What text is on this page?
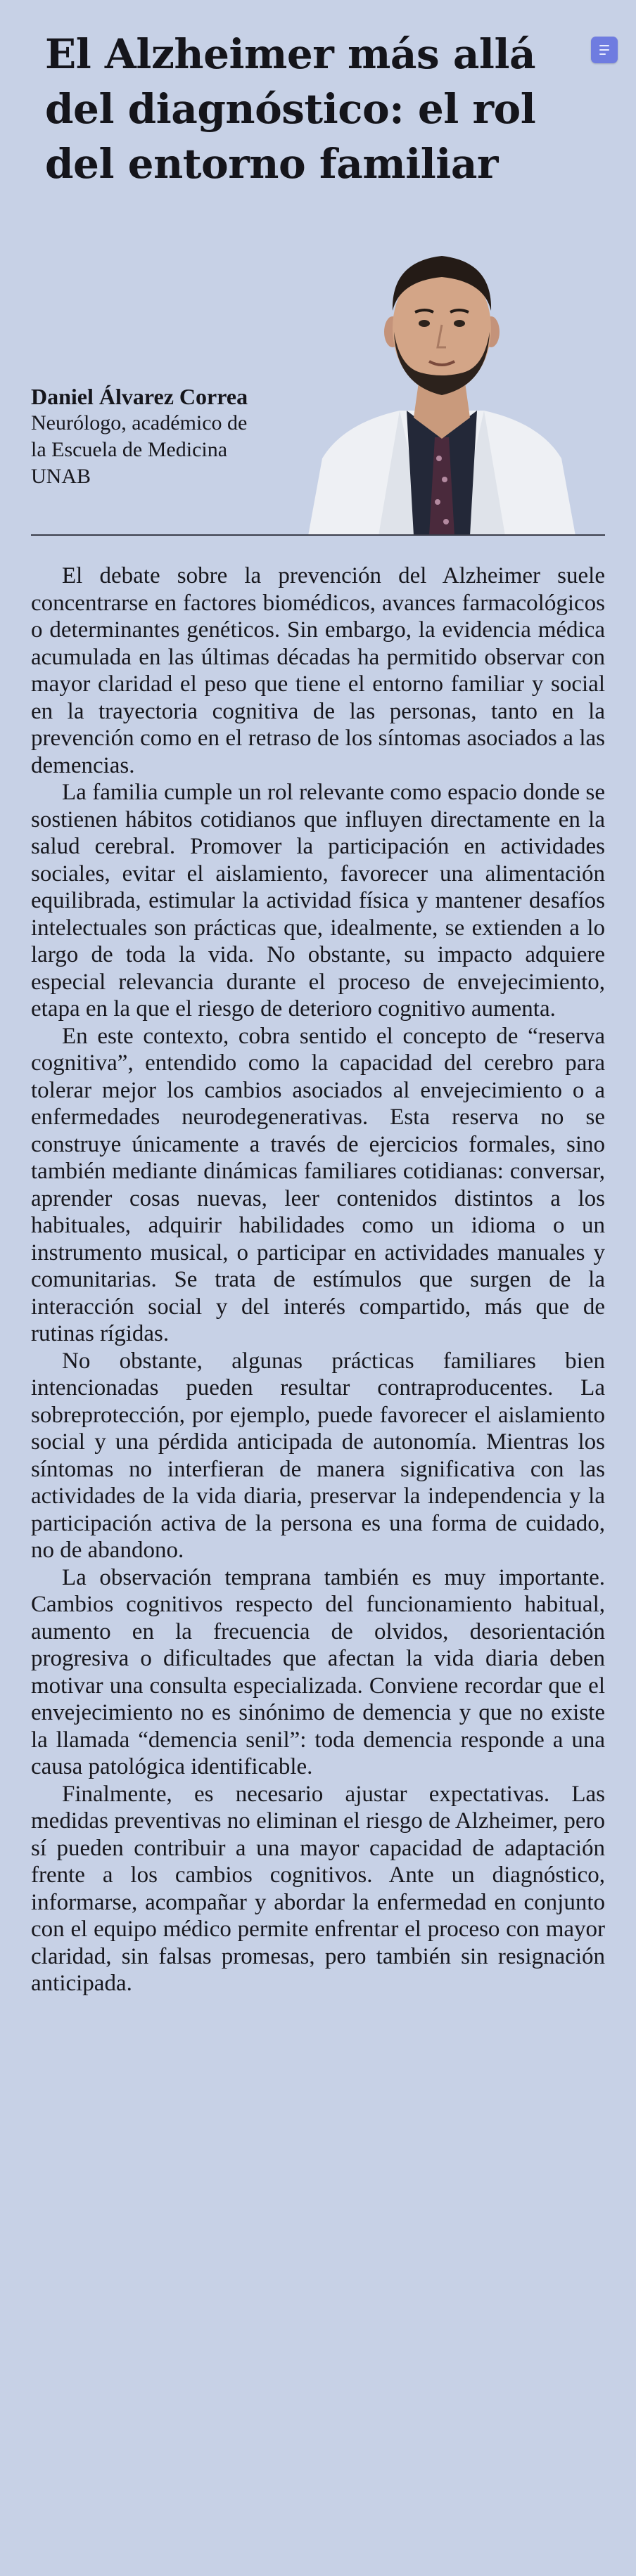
El Alzheimer más allá del diagnóstico: el rol del entorno familiar
Daniel Álvarez Correa
Neurólogo, académico de
la Escuela de Medicina
UNAB

El debate sobre la prevención del Alzheimer suele concentrarse en factores biomédicos, avances farmacológicos o determinantes genéticos. Sin embargo, la evidencia médica acumulada en las últimas décadas ha permitido observar con mayor claridad el peso que tiene el entorno familiar y social en la trayectoria cognitiva de las personas, tanto en la prevención como en el retraso de los síntomas asociados a las demencias.

La familia cumple un rol relevante como espacio donde se sostienen hábitos cotidianos que influyen directamente en la salud cerebral. Promover la participación en actividades sociales, evitar el aislamiento, favorecer una alimentación equilibrada, estimular la actividad física y mantener desafíos intelectuales son prácticas que, idealmente, se extienden a lo largo de toda la vida. No obstante, su impacto adquiere especial relevancia durante el proceso de envejecimiento, etapa en la que el riesgo de deterioro cognitivo aumenta.

En este contexto, cobra sentido el concepto de “reserva cognitiva”, entendido como la capacidad del cerebro para tolerar mejor los cambios asociados al envejecimiento o a enfermedades neurodegenerativas. Esta reserva no se construye únicamente a través de ejercicios formales, sino también mediante dinámicas familiares cotidianas: conversar, aprender cosas nuevas, leer contenidos distintos a los habituales, adquirir habilidades como un idioma o un instrumento musical, o participar en actividades manuales y comunitarias. Se trata de estímulos que surgen de la interacción social y del interés compartido, más que de rutinas rígidas.

No obstante, algunas prácticas familiares bien intencionadas pueden resultar contraproducentes. La sobreprotección, por ejemplo, puede favorecer el aislamiento social y una pérdida anticipada de autonomía. Mientras los síntomas no interfieran de manera significativa con las actividades de la vida diaria, preservar la independencia y la participación activa de la persona es una forma de cuidado, no de abandono.

La observación temprana también es muy importante. Cambios cognitivos respecto del funcionamiento habitual, aumento en la frecuencia de olvidos, desorientación progresiva o dificultades que afectan la vida diaria deben motivar una consulta especializada. Conviene recordar que el envejecimiento no es sinónimo de demencia y que no existe la llamada “demencia senil”: toda demencia responde a una causa patológica identificable.

Finalmente, es necesario ajustar expectativas. Las medidas preventivas no eliminan el riesgo de Alzheimer, pero sí pueden contribuir a una mayor capacidad de adaptación frente a los cambios cognitivos. Ante un diagnóstico, informarse, acompañar y abordar la enfermedad en conjunto con el equipo médico permite enfrentar el proceso con mayor claridad, sin falsas promesas, pero también sin resignación anticipada.
